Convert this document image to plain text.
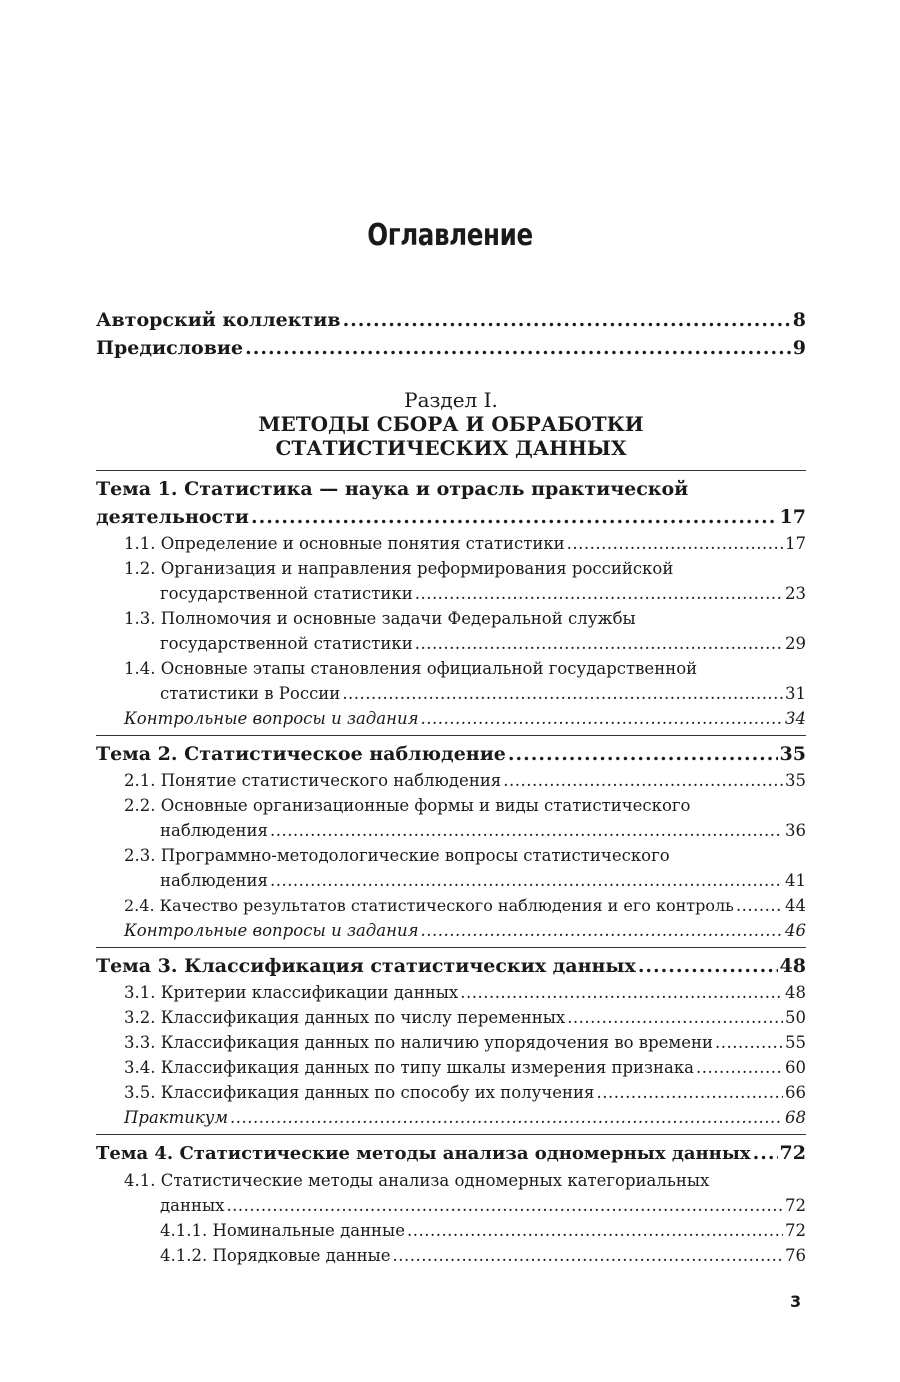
Оглавление
Авторский коллектив .....	8
Предисловие .....	9
Раздел I.
МЕТОДЫ СБОРА И ОБРАБОТКИ
СТАТИСТИЧЕСКИХ ДАННЫХ
Тема 1. Статистика — наука и отрасль практической
деятельности .....	17
1.1. Определение и основные понятия статистики .....	17
1.2. Организация и направления реформирования российской
государственной статистики .....	23
1.3. Полномочия и основные задачи Федеральной службы
государственной статистики .....	29
1.4. Основные этапы становления официальной государственной
статистики в России .....	31
Контрольные вопросы и задания .....	34
Тема 2. Статистическое наблюдение .....	35
2.1. Понятие статистического наблюдения .....	35
2.2. Основные организационные формы и виды статистического
наблюдения .....	36
2.3. Программно-методологические вопросы статистического
наблюдения .....	41
2.4. Качество результатов статистического наблюдения и его контроль .....	44
Контрольные вопросы и задания .....	46
Тема 3. Классификация статистических данных .....	48
3.1. Критерии классификации данных .....	48
3.2. Классификация данных по числу переменных .....	50
3.3. Классификация данных по наличию упорядочения во времени .....	55
3.4. Классификация данных по типу шкалы измерения признака .....	60
3.5. Классификация данных по способу их получения .....	66
Практикум .....	68
Тема 4. Статистические методы анализа одномерных данных ..... 72
4.1. Статистические методы анализа одномерных категориальных
данных .....	72
4.1.1. Номинальные данные .....	72
4.1.2. Порядковые данные .....	76
3
